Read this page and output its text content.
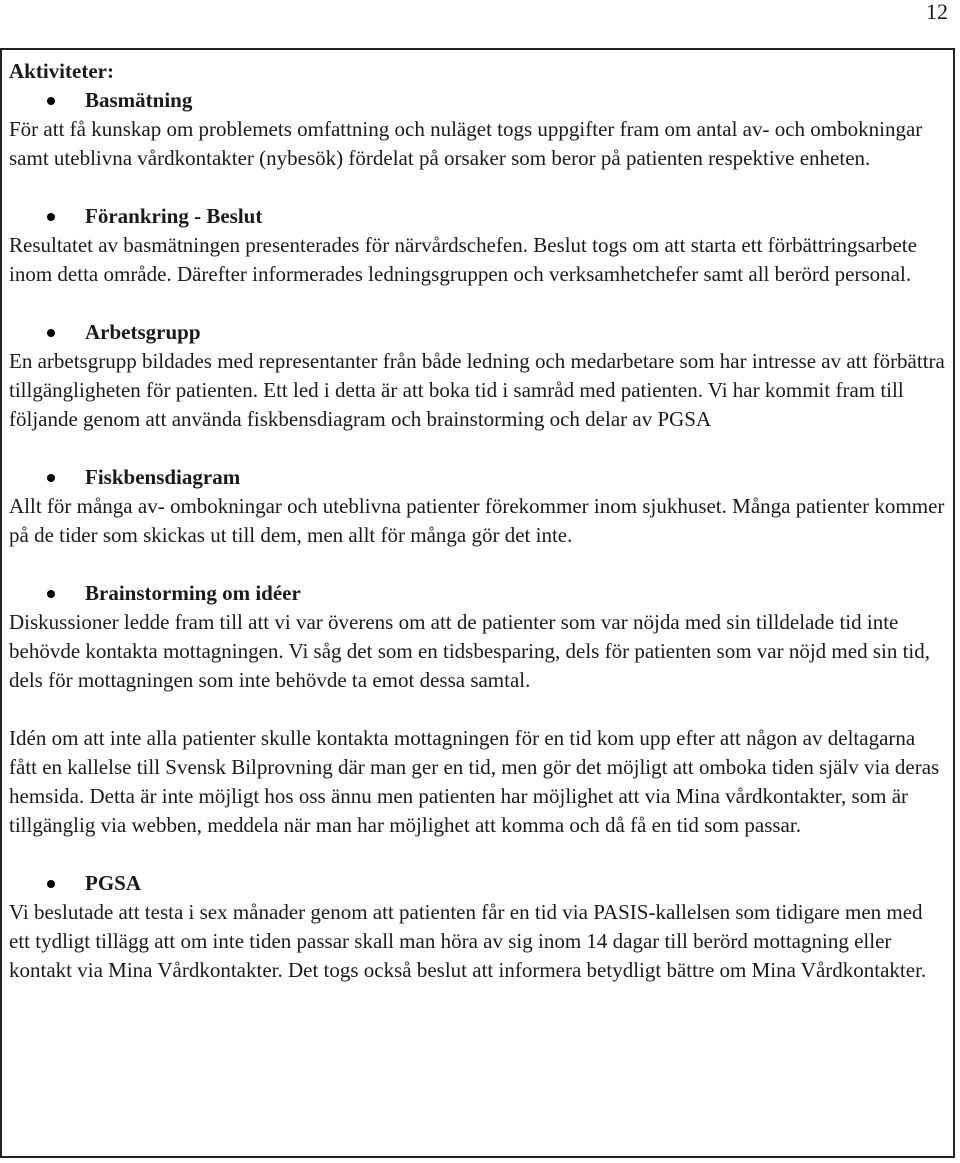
12
Aktiviteter:
Basmätning

För att få kunskap om problemets omfattning och nuläget togs uppgifter fram om antal av- och ombokningar samt uteblivna vårdkontakter (nybesök) fördelat på orsaker som beror på patienten respektive enheten.

Förankring - Beslut

Resultatet av basmätningen presenterades för närvårdschefen. Beslut togs om att starta ett förbättringsarbete inom detta område. Därefter informerades ledningsgruppen och verksamhetchefer samt all berörd personal.

Arbetsgrupp

En arbetsgrupp bildades med representanter från både ledning och medarbetare som har intresse av att förbättra tillgängligheten för patienten. Ett led i detta är att boka tid i samråd med patienten. Vi har kommit fram till följande genom att använda fiskbensdiagram och brainstorming och delar av PGSA

Fiskbensdiagram

Allt för många av- ombokningar och uteblivna patienter förekommer inom sjukhuset. Många patienter kommer på de tider som skickas ut till dem, men allt för många gör det inte.

Brainstorming om idéer

Diskussioner ledde fram till att vi var överens om att de patienter som var nöjda med sin tilldelade tid inte behövde kontakta mottagningen. Vi såg det som en tidsbesparing, dels för patienten som var nöjd med sin tid, dels för mottagningen som inte behövde ta emot dessa samtal.

Idén om att inte alla patienter skulle kontakta mottagningen för en tid kom upp efter att någon av deltagarna fått en kallelse till Svensk Bilprovning där man ger en tid, men gör det möjligt att omboka tiden själv via deras hemsida. Detta är inte möjligt hos oss ännu men patienten har möjlighet att via Mina vårdkontakter, som är tillgänglig via webben, meddela när man har möjlighet att komma och då få en tid som passar.

PGSA

Vi beslutade att testa i sex månader genom att patienten får en tid via PASIS-kallelsen som tidigare men med ett tydligt tillägg att om inte tiden passar skall man höra av sig inom 14 dagar till berörd mottagning eller kontakt via Mina Vårdkontakter. Det togs också beslut att informera betydligt bättre om Mina Vårdkontakter.
